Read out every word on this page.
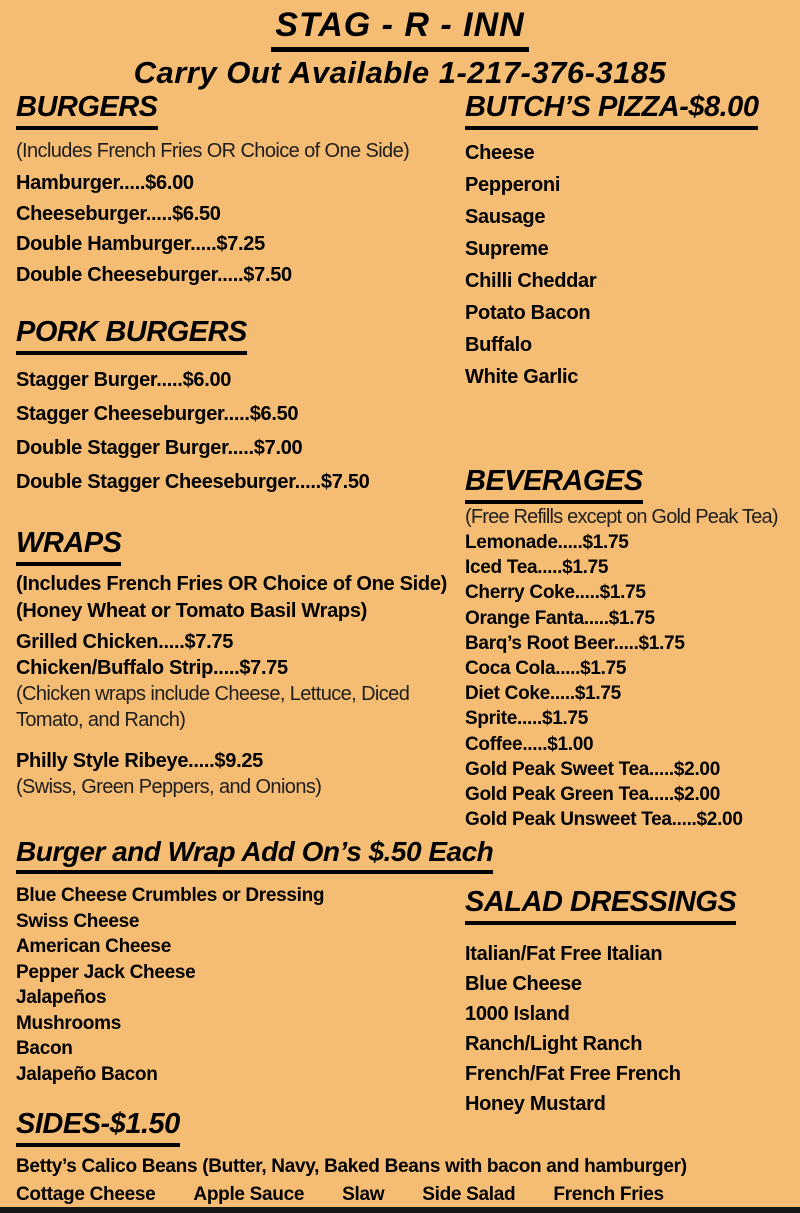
STAG - R - INN
Carry Out Available 1-217-376-3185
BURGERS
(Includes French Fries OR Choice of One Side)
Hamburger.....$6.00
Cheeseburger.....$6.50
Double Hamburger.....$7.25
Double Cheeseburger.....$7.50
PORK BURGERS
Stagger Burger.....$6.00
Stagger Cheeseburger.....$6.50
Double Stagger Burger.....$7.00
Double Stagger Cheeseburger.....$7.50
WRAPS
(Includes French Fries OR Choice of One Side)
(Honey Wheat or Tomato Basil Wraps)
Grilled Chicken.....$7.75
Chicken/Buffalo Strip.....$7.75
(Chicken wraps include Cheese, Lettuce, Diced Tomato, and Ranch)
Philly Style Ribeye.....$9.25
(Swiss, Green Peppers, and Onions)
Burger and Wrap Add On’s $.50 Each
Blue Cheese Crumbles or Dressing
Swiss Cheese
American Cheese
Pepper Jack Cheese
Jalapeños
Mushrooms
Bacon
Jalapeño Bacon
BUTCH’S PIZZA-$8.00
Cheese
Pepperoni
Sausage
Supreme
Chilli Cheddar
Potato Bacon
Buffalo
White Garlic
BEVERAGES
(Free Refills except on Gold Peak Tea)
Lemonade.....$1.75
Iced Tea.....$1.75
Cherry Coke.....$1.75
Orange Fanta.....$1.75
Barq’s Root Beer.....$1.75
Coca Cola.....$1.75
Diet Coke.....$1.75
Sprite.....$1.75
Coffee.....$1.00
Gold Peak Sweet Tea.....$2.00
Gold Peak Green Tea.....$2.00
Gold Peak Unsweet Tea.....$2.00
SALAD DRESSINGS
Italian/Fat Free Italian
Blue Cheese
1000 Island
Ranch/Light Ranch
French/Fat Free French
Honey Mustard
SIDES-$1.50
Betty’s Calico Beans (Butter, Navy, Baked Beans with bacon and hamburger)
Cottage Cheese Apple Sauce Slaw Side Salad French Fries
